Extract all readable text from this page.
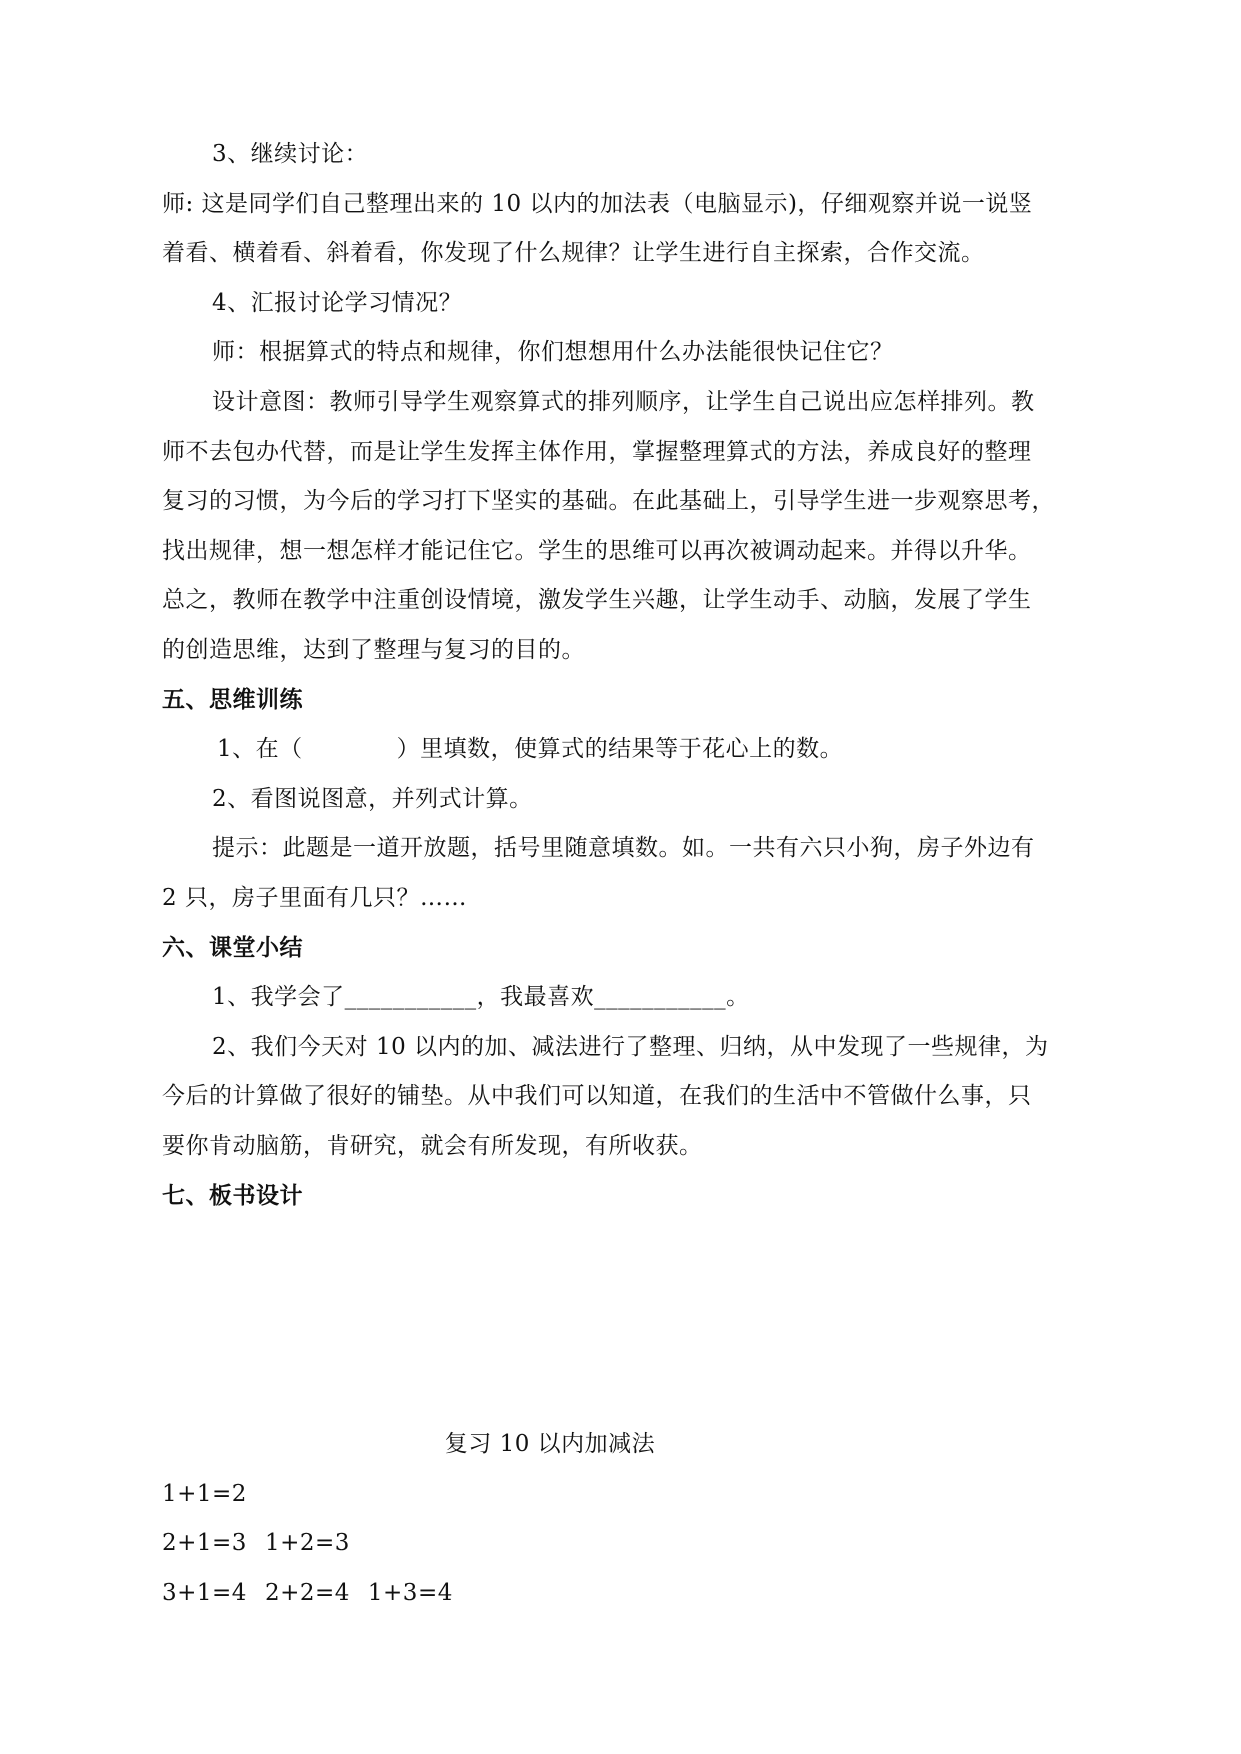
3、继续讨论：
师: 这是同学们自己整理出来的 10 以内的加法表（电脑显示)，仔细观察并说一说竖
着看、横着看、斜着看，你发现了什么规律？让学生进行自主探索，合作交流。
4、汇报讨论学习情况？
师：根据算式的特点和规律，你们想想用什么办法能很快记住它？
设计意图：教师引导学生观察算式的排列顺序，让学生自己说出应怎样排列。教
师不去包办代替，而是让学生发挥主体作用，掌握整理算式的方法，养成良好的整理
复习的习惯，为今后的学习打下坚实的基础。在此基础上，引导学生进一步观察思考，
找出规律，想一想怎样才能记住它。学生的思维可以再次被调动起来。并得以升华。
总之，教师在教学中注重创设情境，激发学生兴趣，让学生动手、动脑，发展了学生
的创造思维，达到了整理与复习的目的。
五、思维训练
1、在（　　　　）里填数，使算式的结果等于花心上的数。
2、看图说图意，并列式计算。
提示：此题是一道开放题，括号里随意填数。如。一共有六只小狗，房子外边有
2 只，房子里面有几只？……
六、课堂小结
1、我学会了___________，我最喜欢___________。
2、我们今天对 10 以内的加、减法进行了整理、归纳，从中发现了一些规律，为
今后的计算做了很好的铺垫。从中我们可以知道，在我们的生活中不管做什么事，只
要你肯动脑筋，肯研究，就会有所发现，有所收获。
七、板书设计
复习 10 以内加减法
1+1=2
2+1=3 1+2=3
3+1=4 2+2=4 1+3=4
